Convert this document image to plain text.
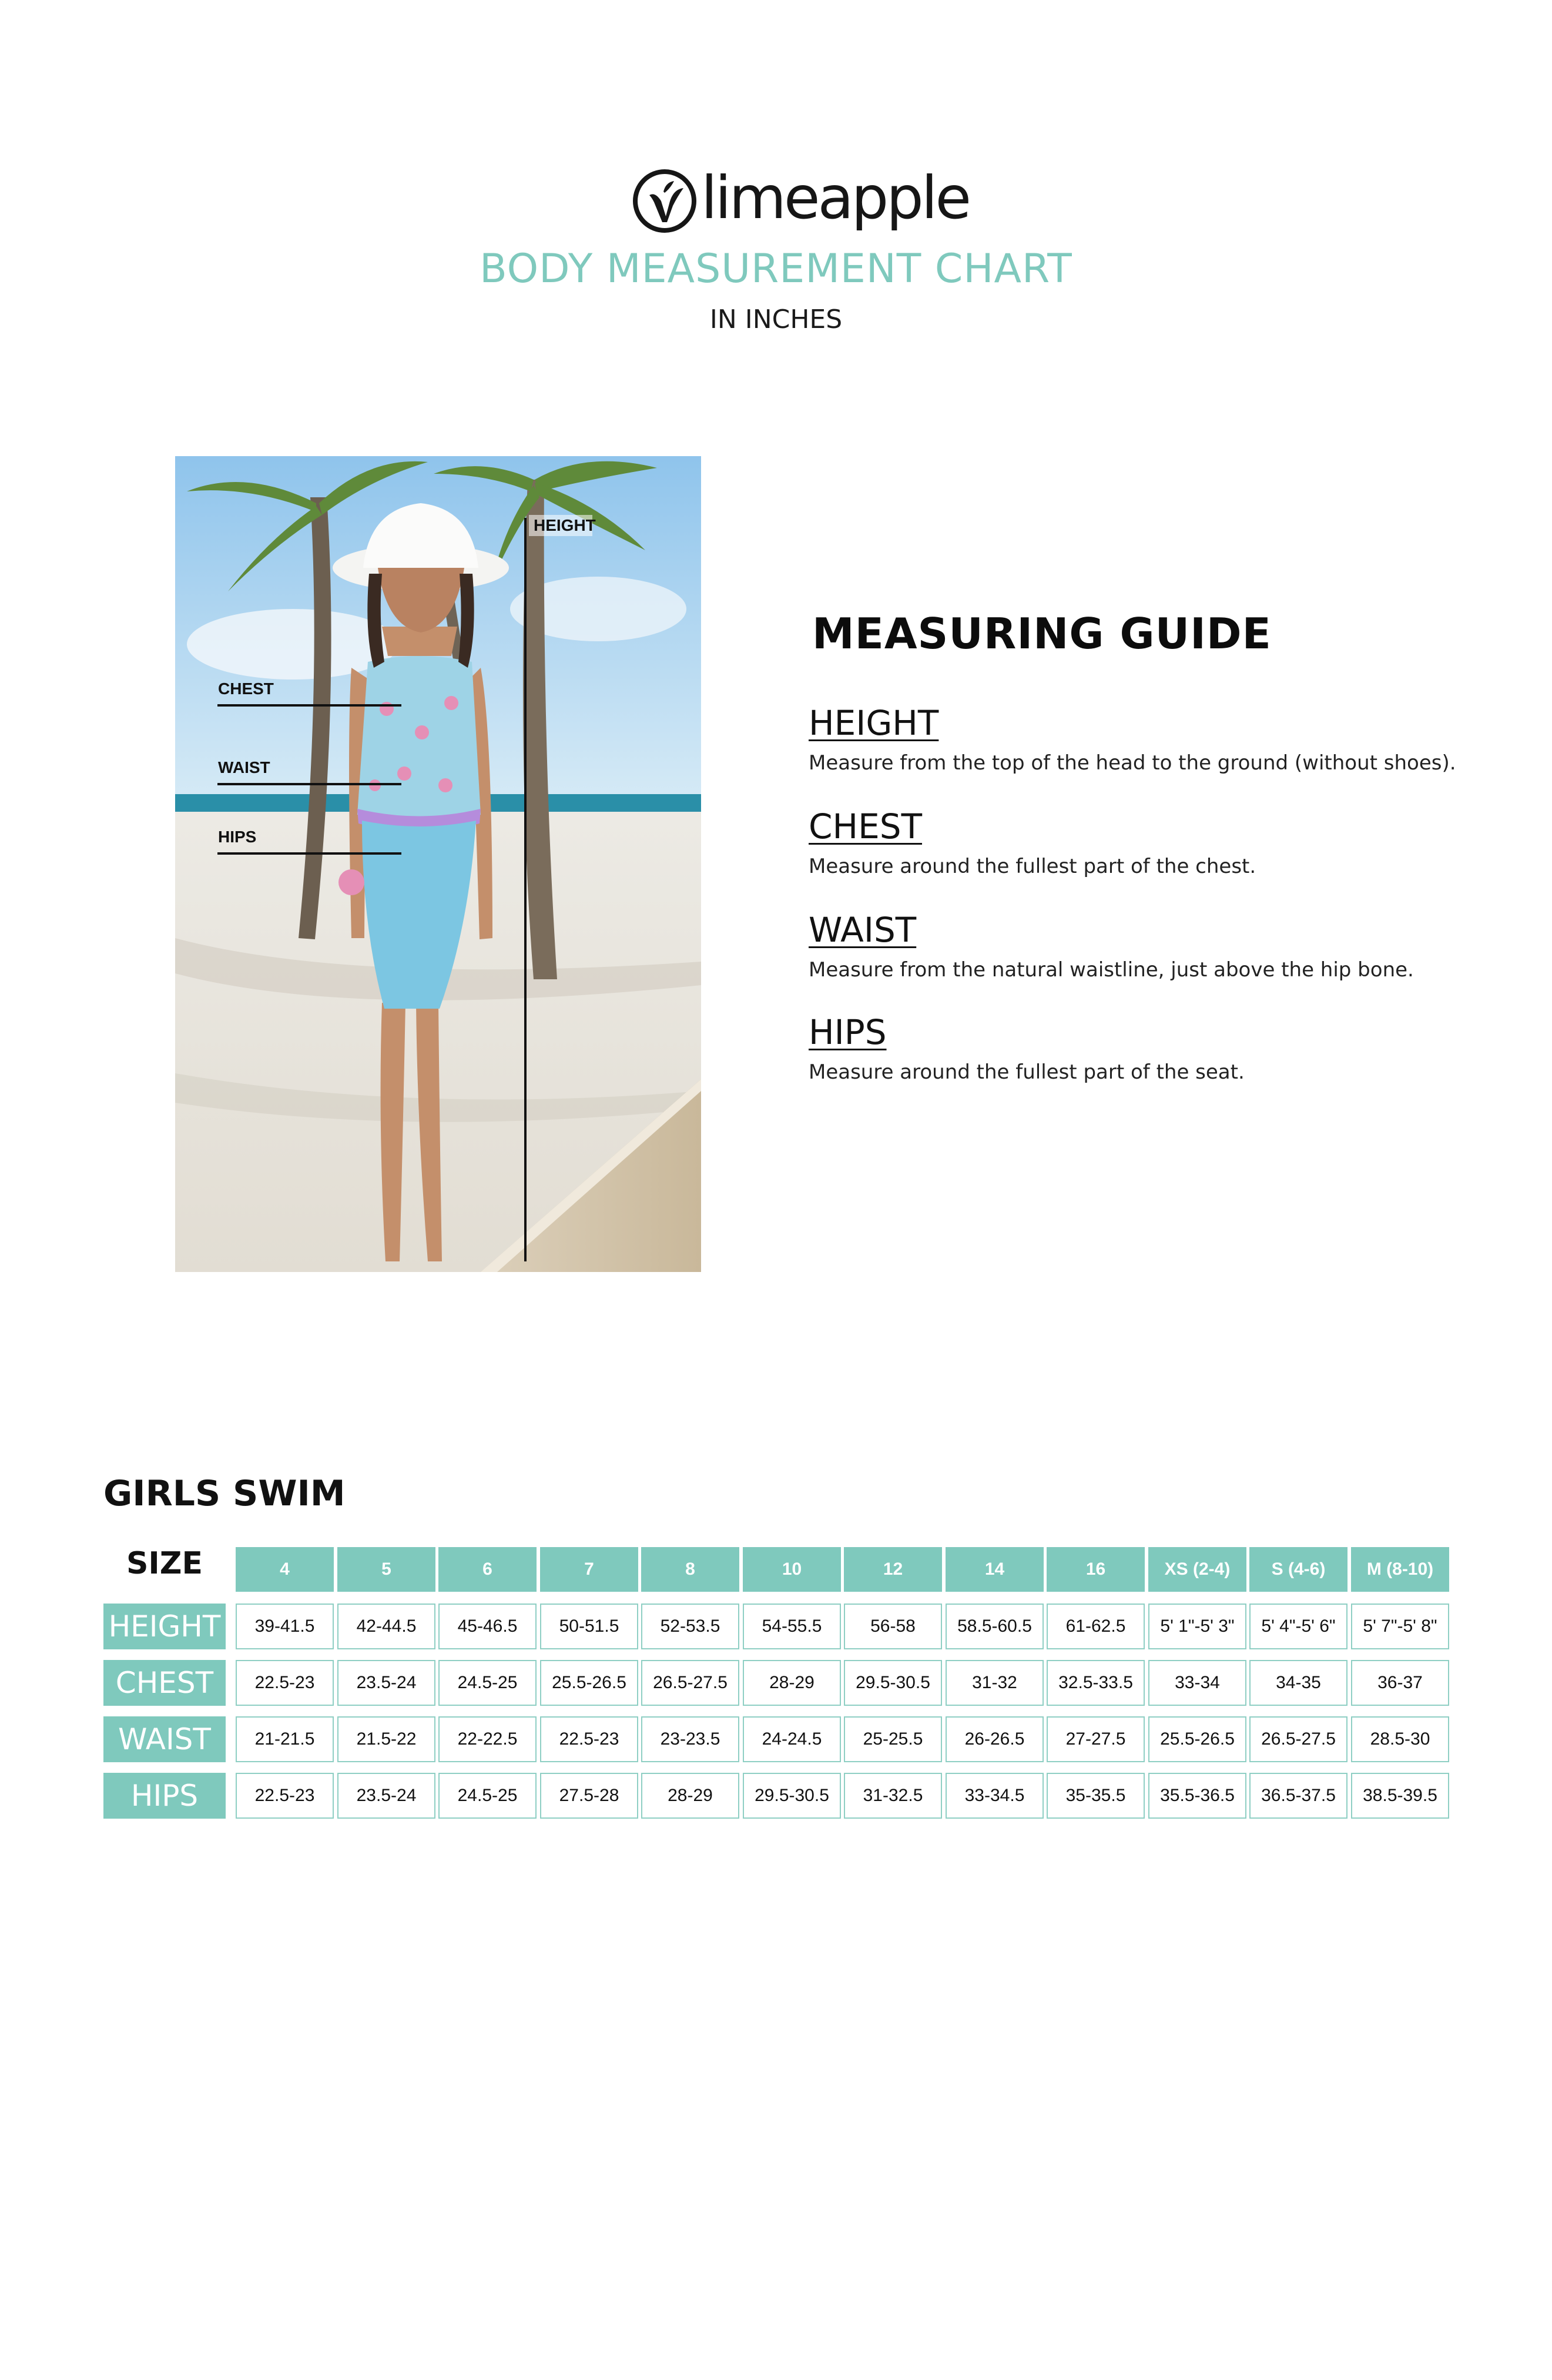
limeapple
BODY MEASUREMENT CHART
IN INCHES
HEIGHT
CHEST
WAIST
HIPS
MEASURING GUIDE
HEIGHT
Measure from the top of the head to the ground (without shoes).
CHEST
Measure around the fullest part of the chest.
WAIST
Measure from the natural waistline, just above the hip bone.
HIPS
Measure around the fullest part of the seat.
GIRLS SWIM
SIZE	4	5	6	7	8	10	12	14	16	XS (2-4)	S (4-6)	M (8-10)
HEIGHT	39-41.5	42-44.5	45-46.5	50-51.5	52-53.5	54-55.5	56-58	58.5-60.5	61-62.5	5' 1"-5' 3"	5' 4"-5' 6"	5' 7"-5' 8"
CHEST	22.5-23	23.5-24	24.5-25	25.5-26.5	26.5-27.5	28-29	29.5-30.5	31-32	32.5-33.5	33-34	34-35	36-37
WAIST	21-21.5	21.5-22	22-22.5	22.5-23	23-23.5	24-24.5	25-25.5	26-26.5	27-27.5	25.5-26.5	26.5-27.5	28.5-30
HIPS	22.5-23	23.5-24	24.5-25	27.5-28	28-29	29.5-30.5	31-32.5	33-34.5	35-35.5	35.5-36.5	36.5-37.5	38.5-39.5
